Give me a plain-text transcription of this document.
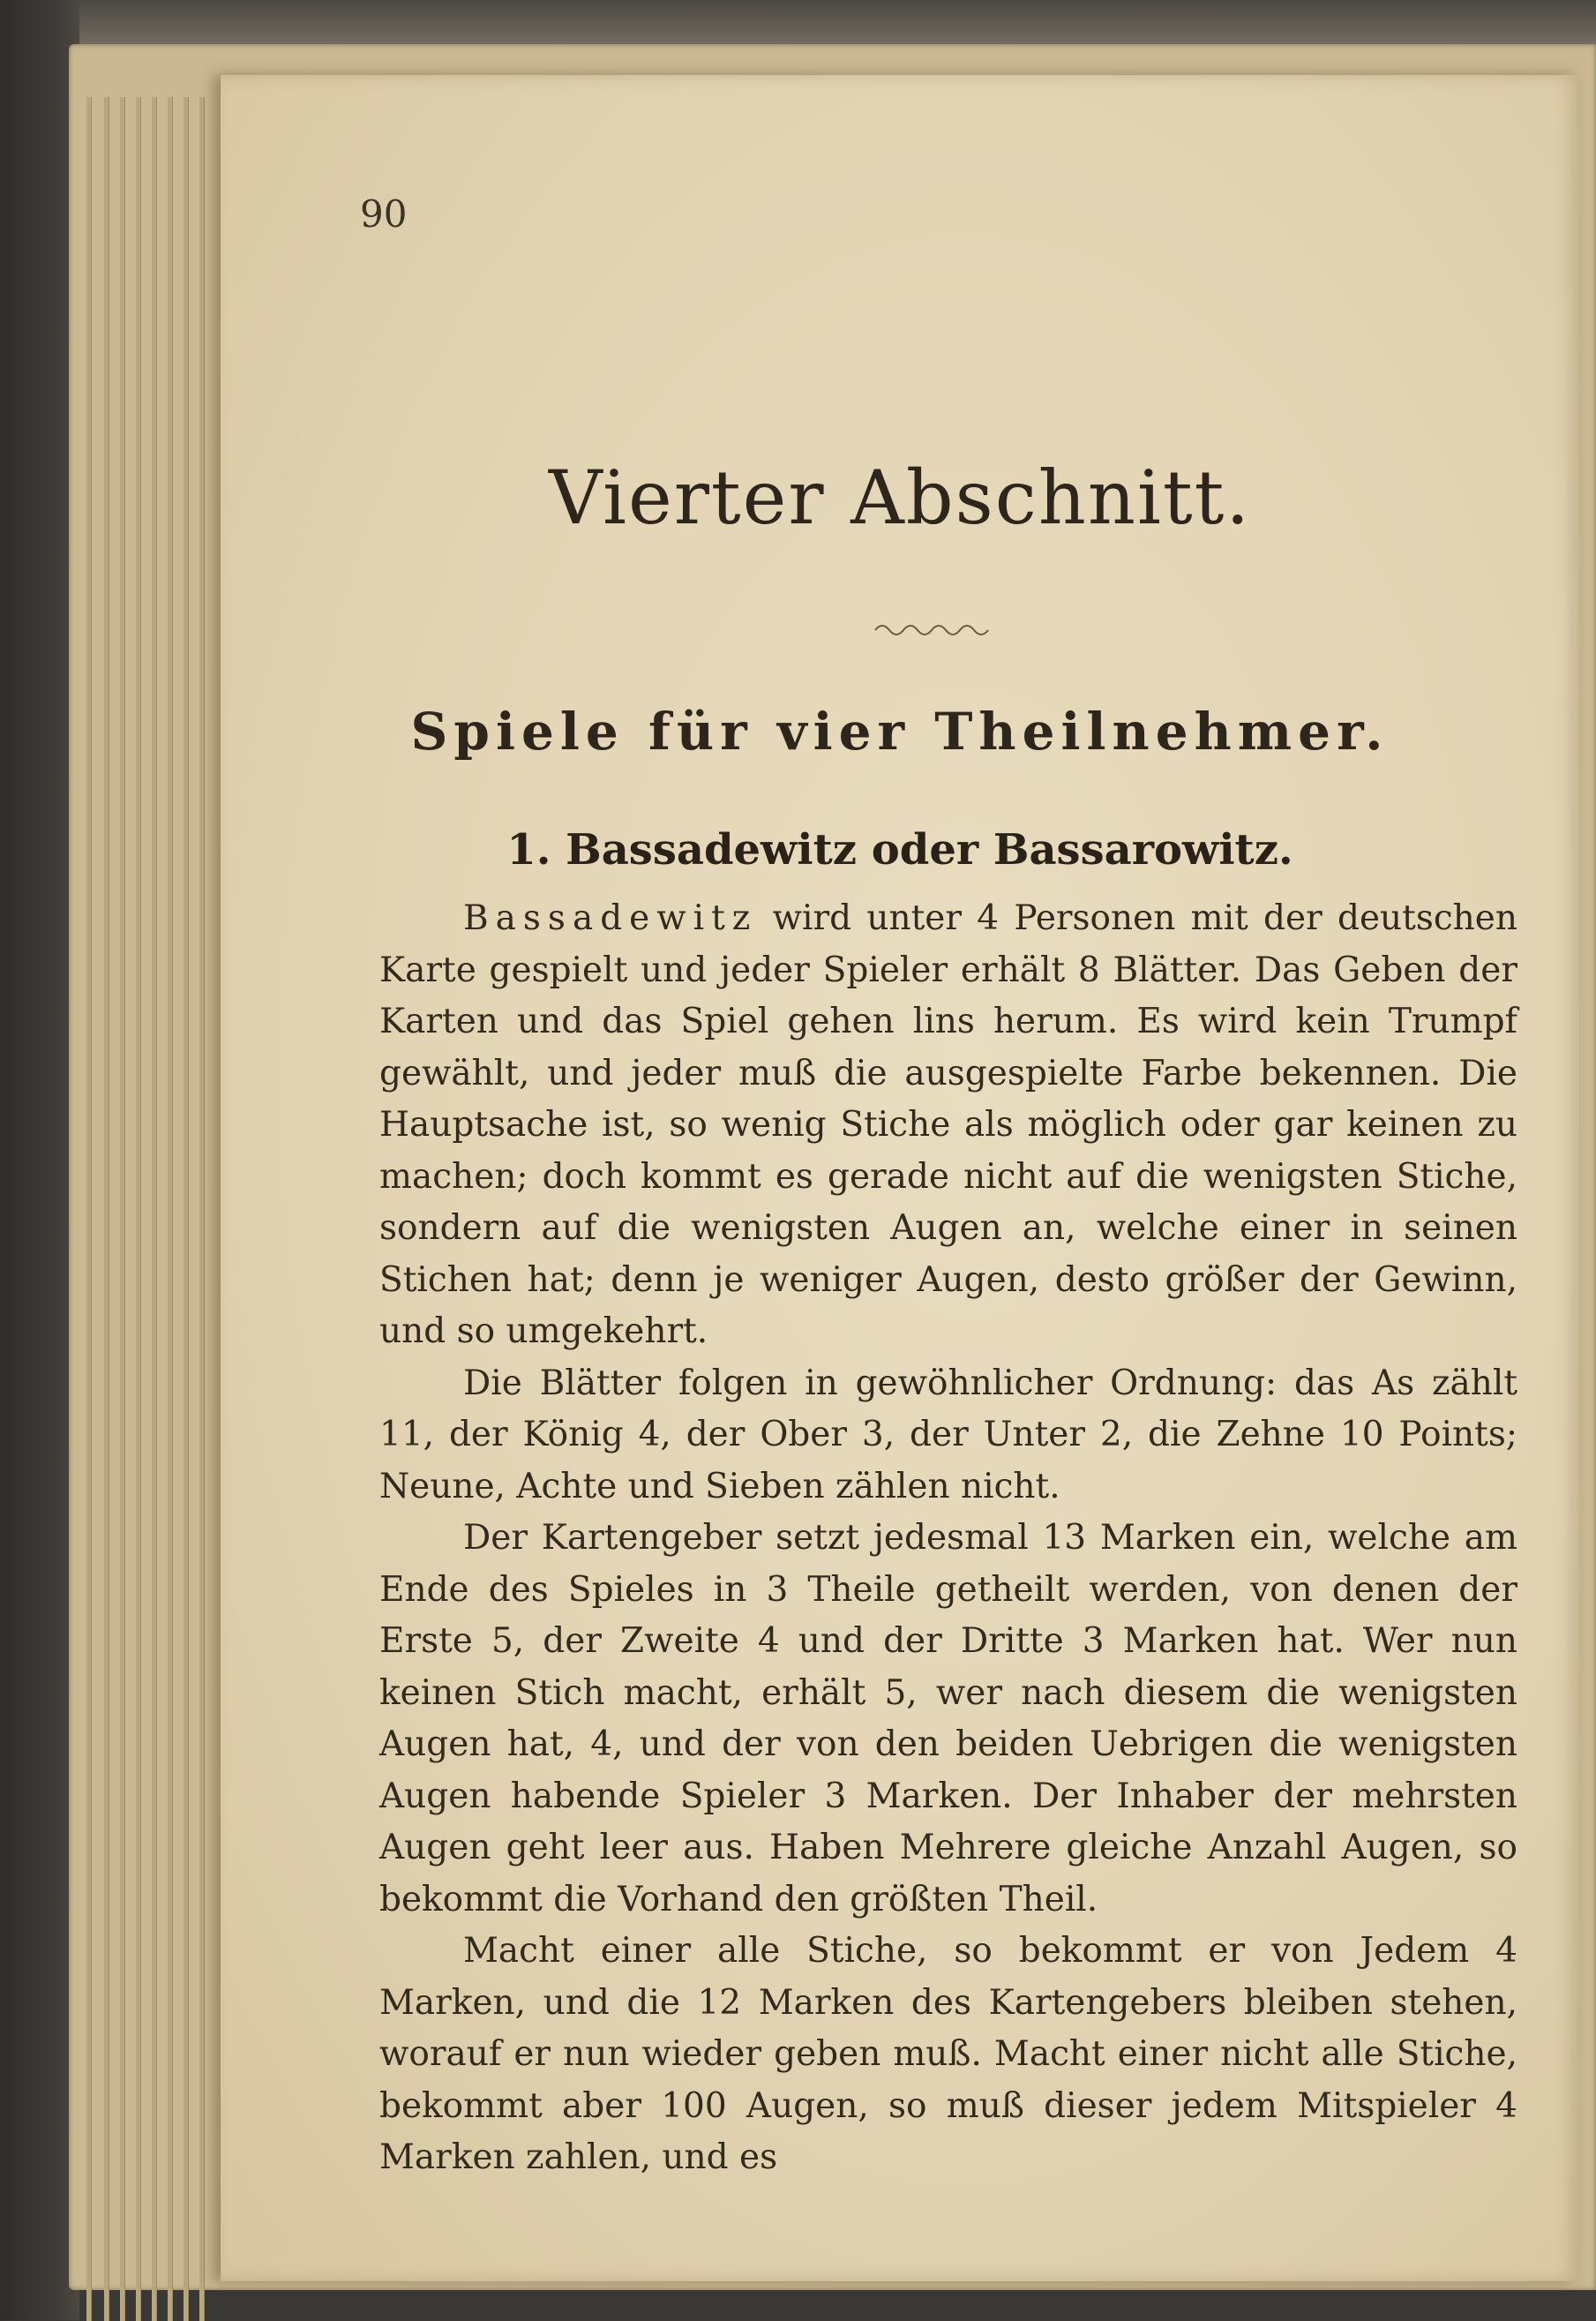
90
Vierter Abschnitt.
Spiele für vier Theilnehmer.
1. Bassadewitz oder Bassarowitz.

Bassadewitz wird unter 4 Personen mit der deutschen Karte gespielt und jeder Spieler erhält 8 Blätter. Das Geben der Karten und das Spiel gehen lins herum. Es wird kein Trumpf gewählt, und jeder muß die ausgespielte Farbe bekennen. Die Hauptsache ist, so wenig Stiche als möglich oder gar keinen zu machen; doch kommt es gerade nicht auf die wenigsten Stiche, sondern auf die wenigsten Augen an, welche einer in seinen Stichen hat; denn je weniger Augen, desto größer der Gewinn, und so umgekehrt.

Die Blätter folgen in gewöhnlicher Ordnung: das As zählt 11, der König 4, der Ober 3, der Unter 2, die Zehne 10 Points; Neune, Achte und Sieben zählen nicht.

Der Kartengeber setzt jedesmal 13 Marken ein, welche am Ende des Spieles in 3 Theile getheilt werden, von denen der Erste 5, der Zweite 4 und der Dritte 3 Marken hat. Wer nun keinen Stich macht, erhält 5, wer nach diesem die wenigsten Augen hat, 4, und der von den beiden Uebrigen die wenigsten Augen habende Spieler 3 Marken. Der Inhaber der mehrsten Augen geht leer aus. Haben Mehrere gleiche Anzahl Augen, so bekommt die Vorhand den größten Theil.

Macht einer alle Stiche, so bekommt er von Jedem 4 Marken, und die 12 Marken des Kartengebers bleiben stehen, worauf er nun wieder geben muß. Macht einer nicht alle Stiche, bekommt aber 100 Augen, so muß dieser jedem Mitspieler 4 Marken zahlen, und es
